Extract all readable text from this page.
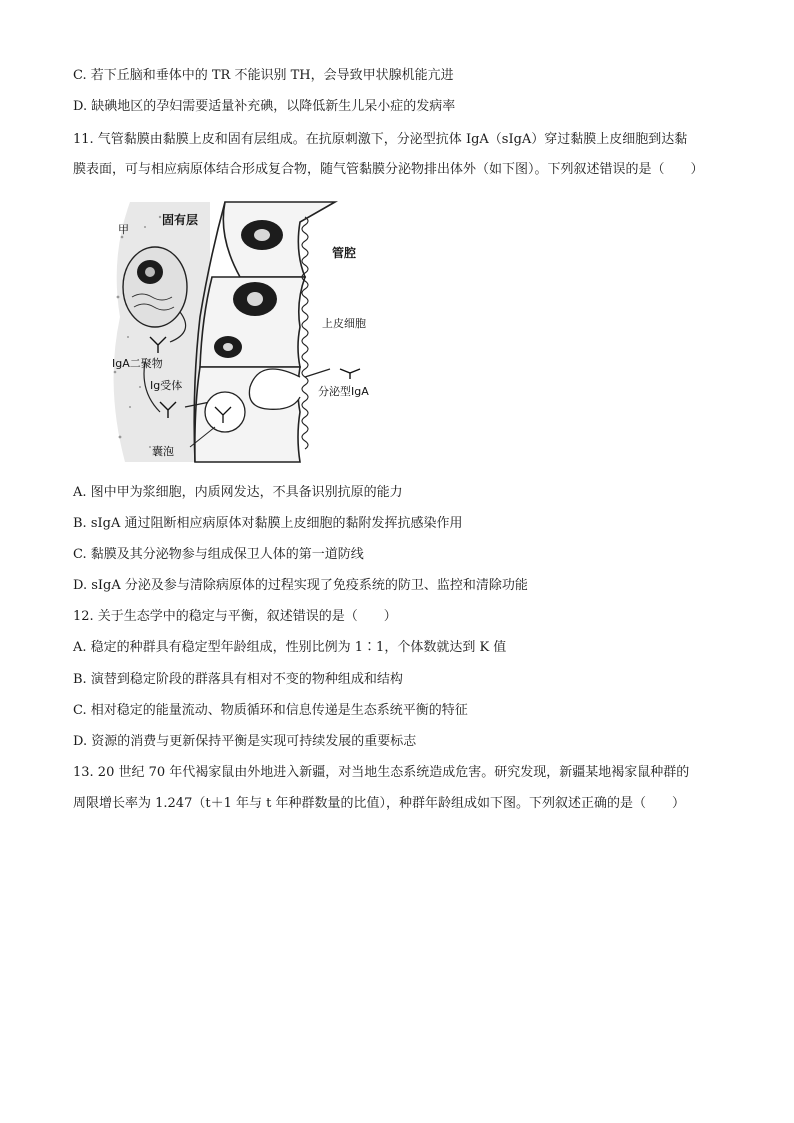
C. 若下丘脑和垂体中的 TR 不能识别 TH，会导致甲状腺机能亢进
D. 缺碘地区的孕妇需要适量补充碘，以降低新生儿呆小症的发病率
11. 气管黏膜由黏膜上皮和固有层组成。在抗原刺激下，分泌型抗体 IgA（sIgA）穿过黏膜上皮细胞到达黏
膜表面，可与相应病原体结合形成复合物，随气管黏膜分泌物排出体外（如下图）。下列叙述错误的是（　　）
固有层
甲
管腔
上皮细胞
IgA二聚物
Ig受体	分泌型IgA
囊泡
A. 图中甲为浆细胞，内质网发达，不具备识别抗原的能力
B. sIgA 通过阻断相应病原体对黏膜上皮细胞的黏附发挥抗感染作用
C. 黏膜及其分泌物参与组成保卫人体的第一道防线
D. sIgA 分泌及参与清除病原体的过程实现了免疫系统的防卫、监控和清除功能
12. 关于生态学中的稳定与平衡，叙述错误的是（　　）
A. 稳定的种群具有稳定型年龄组成，性别比例为 1∶1，个体数就达到 K 值
B. 演替到稳定阶段的群落具有相对不变的物种组成和结构
C. 相对稳定的能量流动、物质循环和信息传递是生态系统平衡的特征
D. 资源的消费与更新保持平衡是实现可持续发展的重要标志
13. 20 世纪 70 年代褐家鼠由外地进入新疆，对当地生态系统造成危害。研究发现，新疆某地褐家鼠种群的
周限增长率为 1.247（t＋1 年与 t 年种群数量的比值），种群年龄组成如下图。下列叙述正确的是（　　）
